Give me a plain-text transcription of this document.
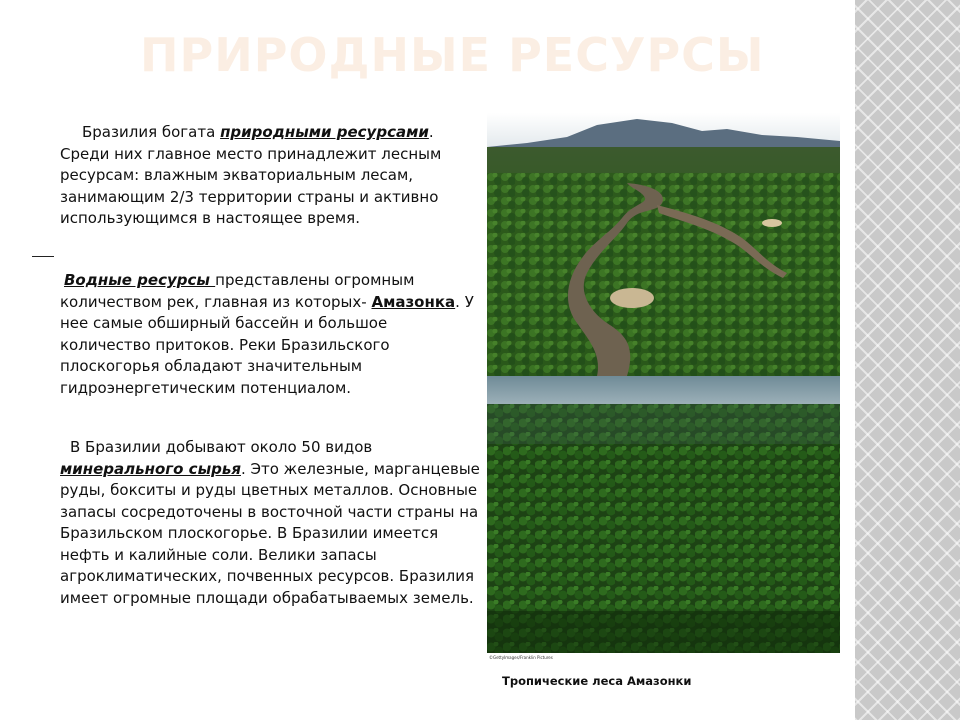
ПРИРОДНЫЕ РЕСУРСЫ

Бразилия богата природными ресурсами. Среди них главное место принадлежит лесным ресурсам: влажным экваториальным лесам, занимающим 2/3 территории страны и активно использующимся в настоящее время.

Водные ресурсы представлены огромным количеством рек, главная из которых- Амазонка. У нее самые обширный бассейн и большое количество притоков. Реки Бразильского плоскогорья обладают значительным гидроэнергетическим потенциалом.

В Бразилии добывают около 50 видов минерального сырья. Это железные, марганцевые руды, бокситы и руды цветных металлов. Основные запасы сосредоточены в восточной части страны на Бразильском плоскогорье. В Бразилии имеется нефть и калийные соли. Велики запасы агроклиматических, почвенных ресурсов. Бразилия имеет огромные площади обрабатываемых земель.

©GettyImages/Franklin Pictures
Тропические леса Амазонки
